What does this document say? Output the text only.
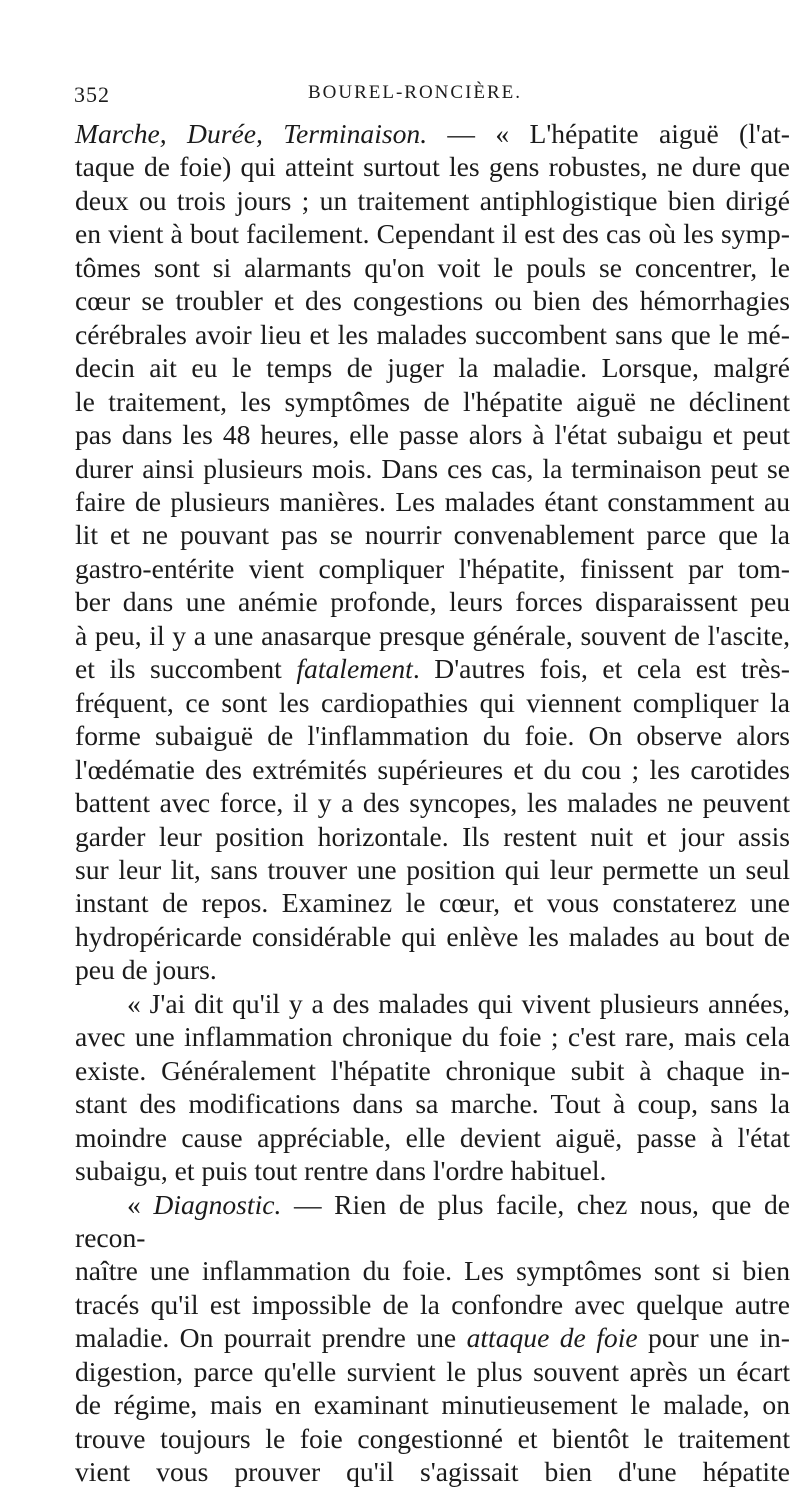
352	BOUREL-RONCIÈRE.
Marche, Durée, Terminaison. — « L'hépatite aiguë (l'at-
taque de foie) qui atteint surtout les gens robustes, ne dure que
deux ou trois jours ; un traitement antiphlogistique bien dirigé
en vient à bout facilement. Cependant il est des cas où les symp-
tômes sont si alarmants qu'on voit le pouls se concentrer, le
cœur se troubler et des congestions ou bien des hémorrhagies
cérébrales avoir lieu et les malades succombent sans que le mé-
decin ait eu le temps de juger la maladie. Lorsque, malgré
le traitement, les symptômes de l'hépatite aiguë ne déclinent
pas dans les 48 heures, elle passe alors à l'état subaigu et peut
durer ainsi plusieurs mois. Dans ces cas, la terminaison peut se
faire de plusieurs manières. Les malades étant constamment au
lit et ne pouvant pas se nourrir convenablement parce que la
gastro-entérite vient compliquer l'hépatite, finissent par tom-
ber dans une anémie profonde, leurs forces disparaissent peu
à peu, il y a une anasarque presque générale, souvent de l'ascite,
et ils succombent fatalement. D'autres fois, et cela est très-
fréquent, ce sont les cardiopathies qui viennent compliquer la
forme subaiguë de l'inflammation du foie. On observe alors
l'œdématie des extrémités supérieures et du cou ; les carotides
battent avec force, il y a des syncopes, les malades ne peuvent
garder leur position horizontale. Ils restent nuit et jour assis
sur leur lit, sans trouver une position qui leur permette un seul
instant de repos. Examinez le cœur, et vous constaterez une
hydropéricarde considérable qui enlève les malades au bout de
peu de jours.
« J'ai dit qu'il y a des malades qui vivent plusieurs années,
avec une inflammation chronique du foie ; c'est rare, mais cela
existe. Généralement l'hépatite chronique subit à chaque in-
stant des modifications dans sa marche. Tout à coup, sans la
moindre cause appréciable, elle devient aiguë, passe à l'état
subaigu, et puis tout rentre dans l'ordre habituel.
« Diagnostic. — Rien de plus facile, chez nous, que de recon-
naître une inflammation du foie. Les symptômes sont si bien
tracés qu'il est impossible de la confondre avec quelque autre
maladie. On pourrait prendre une attaque de foie pour une in-
digestion, parce qu'elle survient le plus souvent après un écart
de régime, mais en examinant minutieusement le malade, on
trouve toujours le foie congestionné et bientôt le traitement
vient vous prouver qu'il s'agissait bien d'une hépatite
